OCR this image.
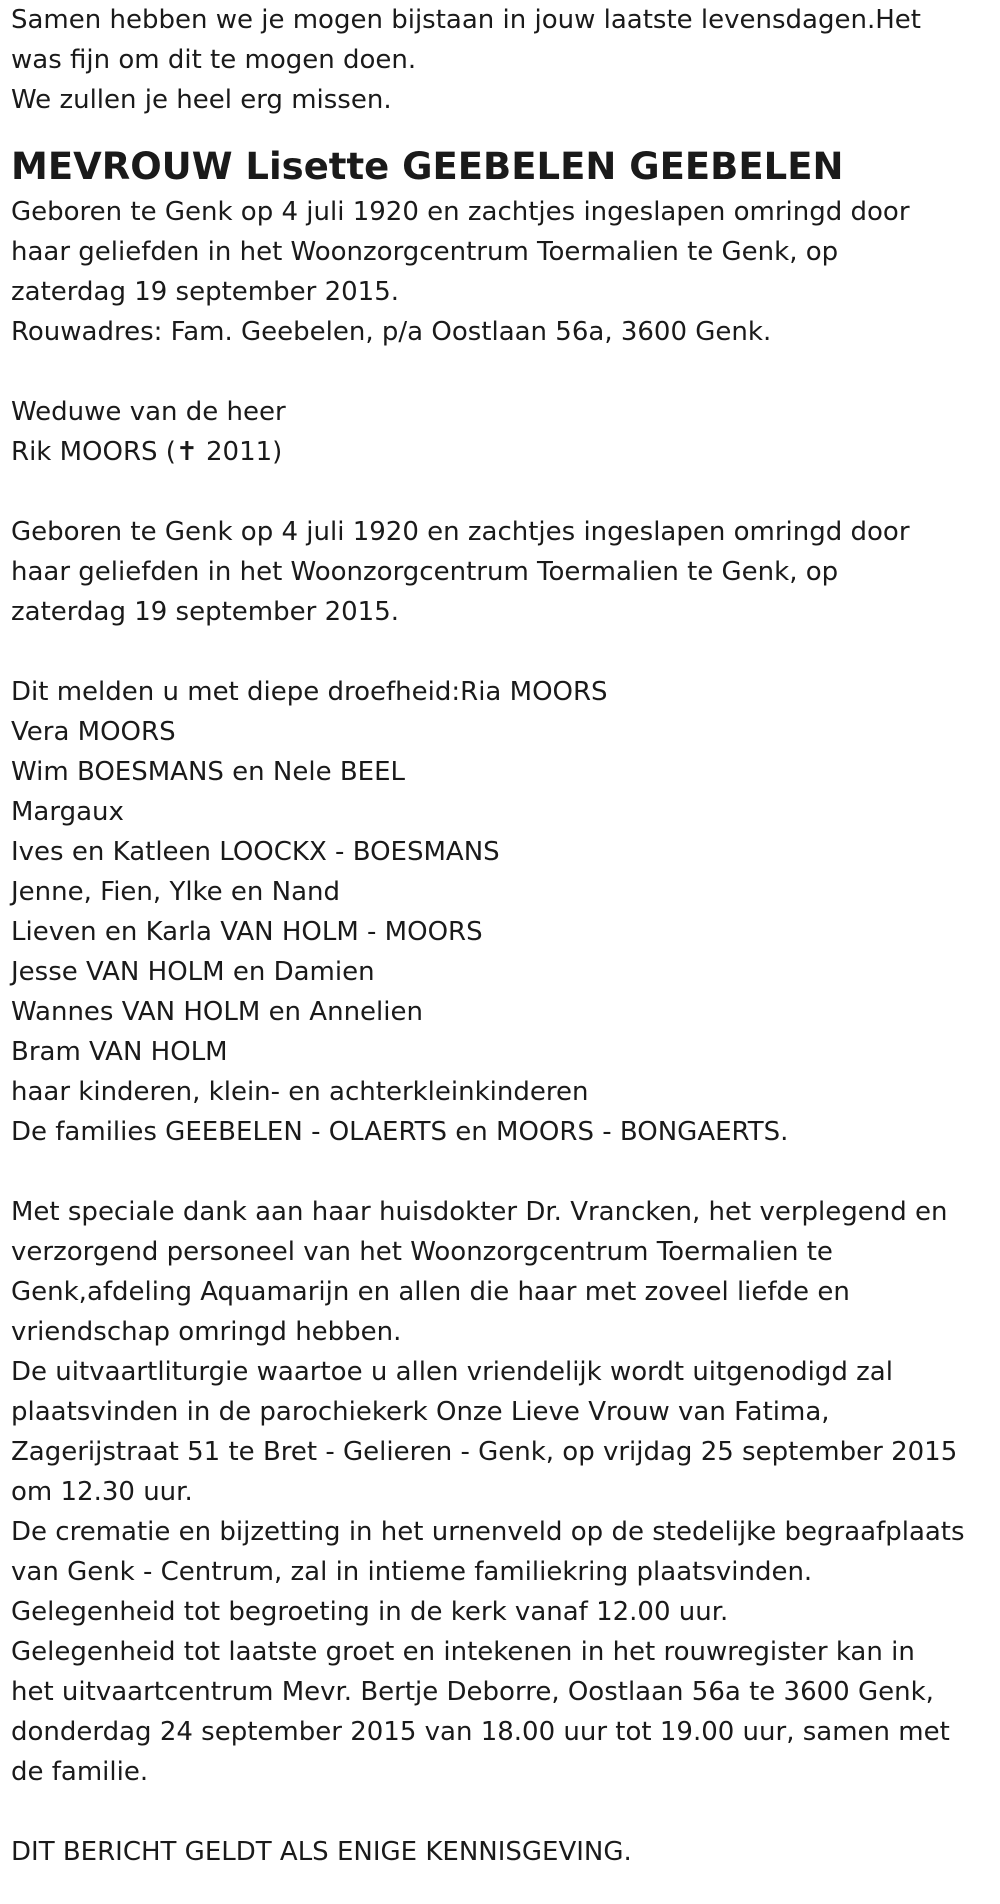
Samen hebben we je mogen bijstaan in jouw laatste levensdagen.Het
was fijn om dit te mogen doen.
We zullen je heel erg missen.

MEVROUW Lisette GEEBELEN GEEBELEN

Geboren te Genk op 4 juli 1920 en zachtjes ingeslapen omringd door
haar geliefden in het Woonzorgcentrum Toermalien te Genk, op
zaterdag 19 september 2015.
Rouwadres: Fam. Geebelen, p/a Oostlaan 56a, 3600 Genk.

Weduwe van de heer
Rik MOORS (✝ 2011)

Geboren te Genk op 4 juli 1920 en zachtjes ingeslapen omringd door
haar geliefden in het Woonzorgcentrum Toermalien te Genk, op
zaterdag 19 september 2015.

Dit melden u met diepe droefheid:Ria MOORS
Vera MOORS
Wim BOESMANS en Nele BEEL
Margaux
Ives en Katleen LOOCKX - BOESMANS
Jenne, Fien, Ylke en Nand
Lieven en Karla VAN HOLM - MOORS
Jesse VAN HOLM en Damien
Wannes VAN HOLM en Annelien
Bram VAN HOLM
haar kinderen, klein- en achterkleinkinderen
De families GEEBELEN - OLAERTS en MOORS - BONGAERTS.

Met speciale dank aan haar huisdokter Dr. Vrancken, het verplegend en
verzorgend personeel van het Woonzorgcentrum Toermalien te
Genk,afdeling Aquamarijn en allen die haar met zoveel liefde en
vriendschap omringd hebben.
De uitvaartliturgie waartoe u allen vriendelijk wordt uitgenodigd zal
plaatsvinden in de parochiekerk Onze Lieve Vrouw van Fatima,
Zagerijstraat 51 te Bret - Gelieren - Genk, op vrijdag 25 september 2015
om 12.30 uur.
De crematie en bijzetting in het urnenveld op de stedelijke begraafplaats
van Genk - Centrum, zal in intieme familiekring plaatsvinden.
Gelegenheid tot begroeting in de kerk vanaf 12.00 uur.
Gelegenheid tot laatste groet en intekenen in het rouwregister kan in
het uitvaartcentrum Mevr. Bertje Deborre, Oostlaan 56a te 3600 Genk,
donderdag 24 september 2015 van 18.00 uur tot 19.00 uur, samen met
de familie.

DIT BERICHT GELDT ALS ENIGE KENNISGEVING.
